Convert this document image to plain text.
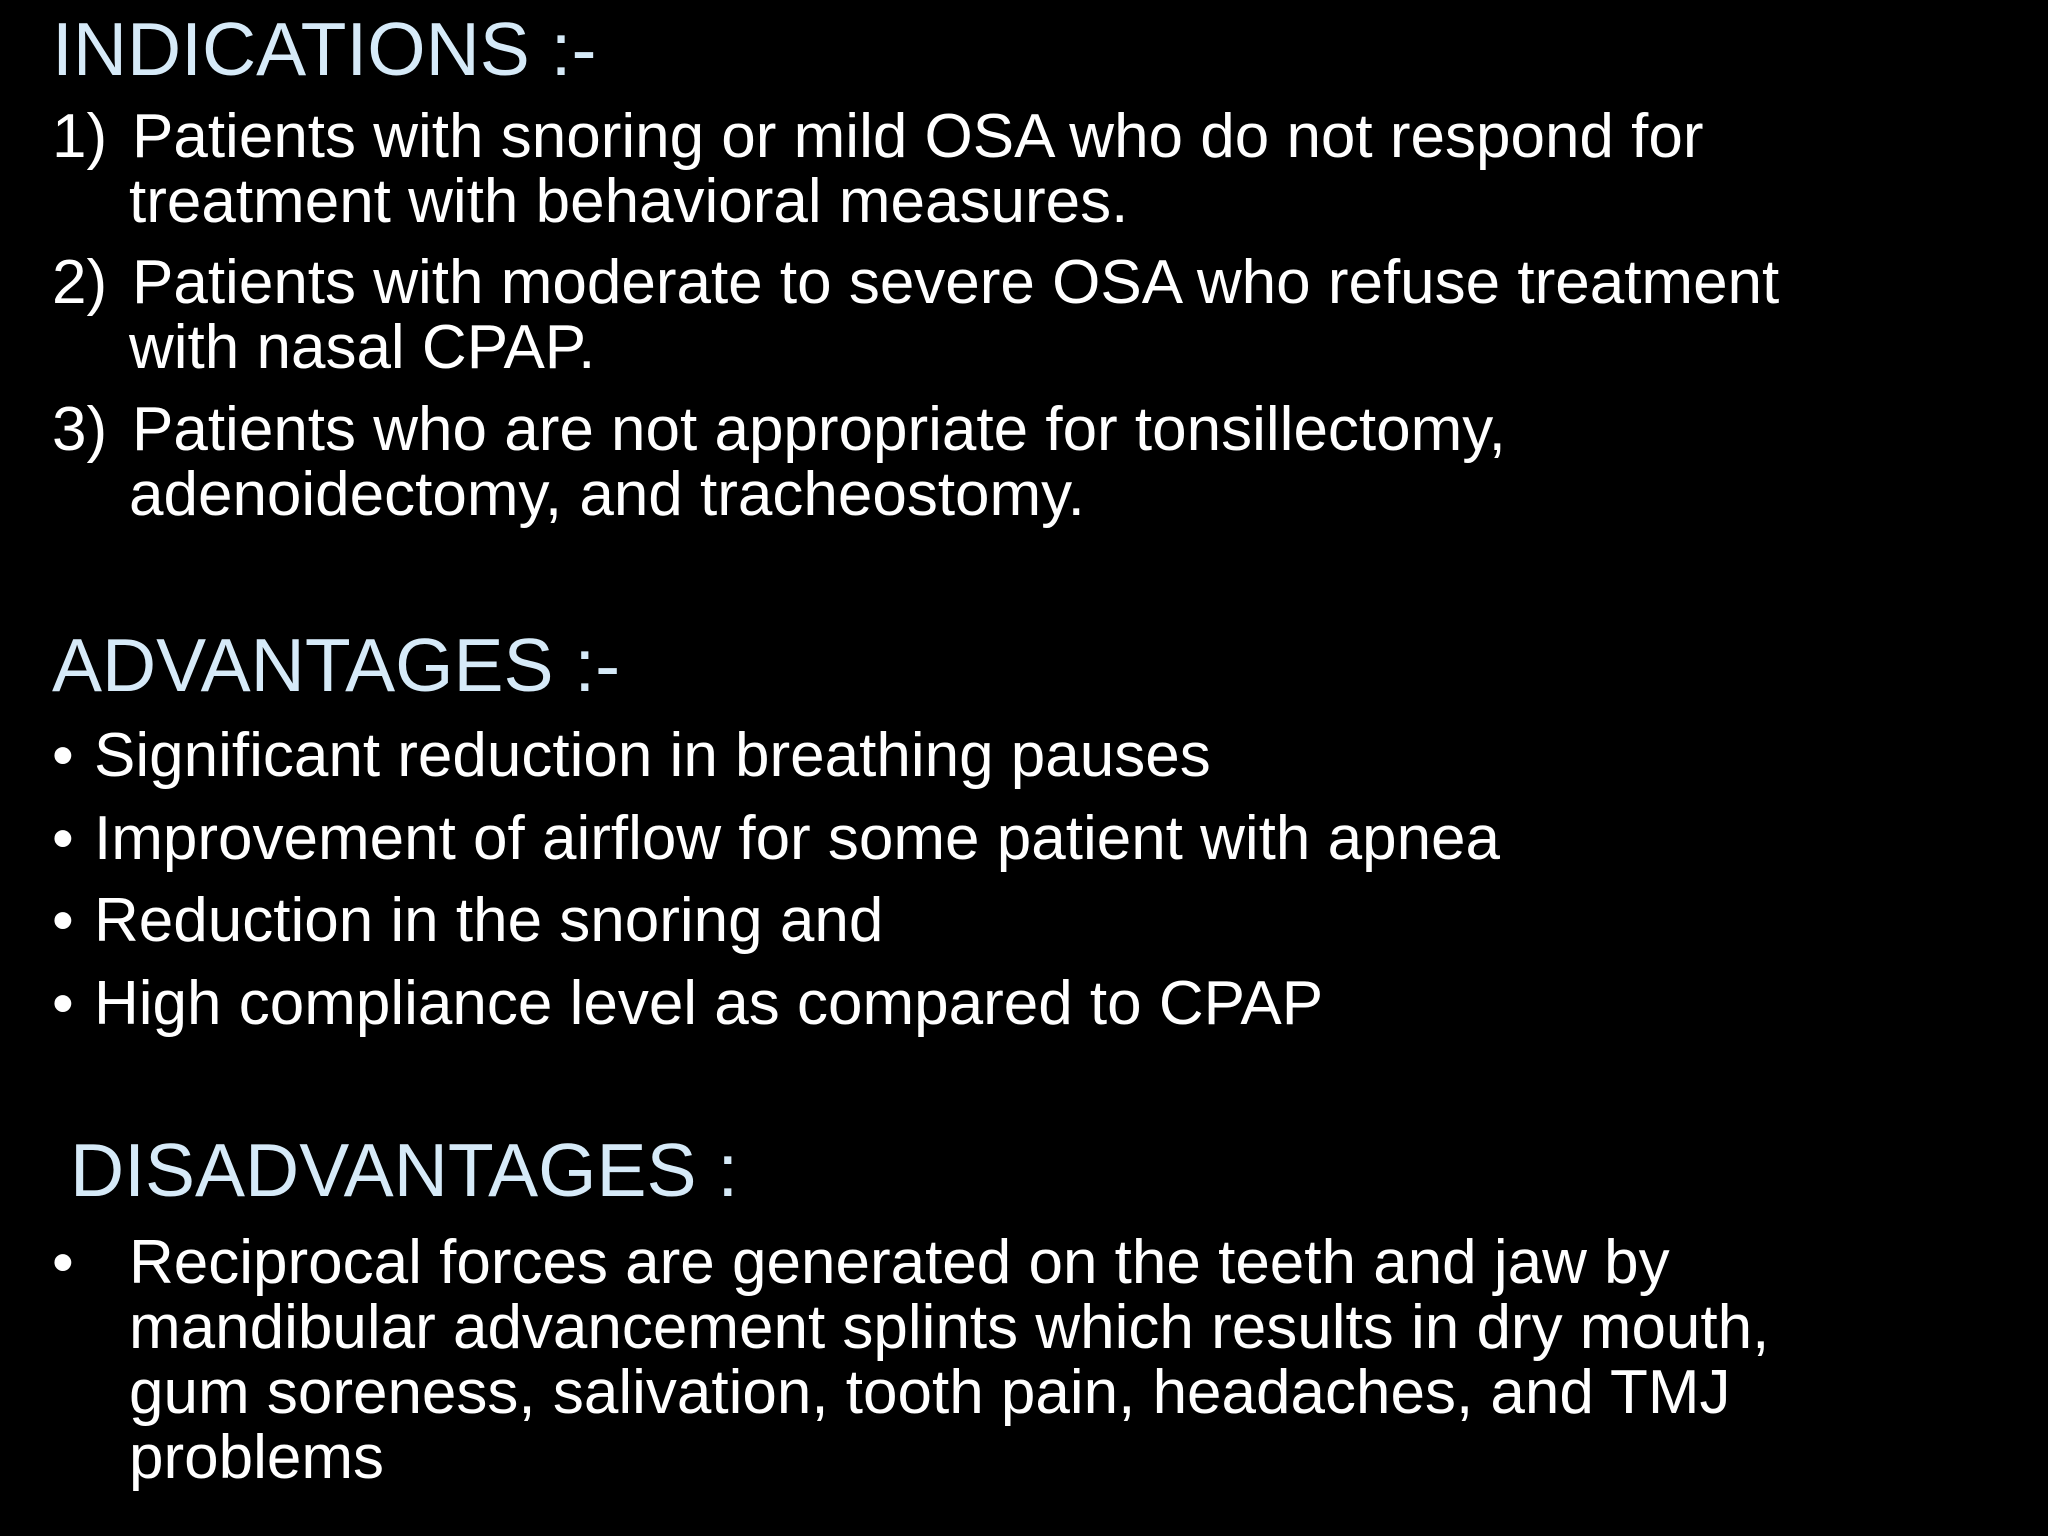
INDICATIONS :-
1) Patients with snoring or mild OSA who do not respond for
treatment with behavioral measures.
2) Patients with moderate to severe OSA who refuse treatment
with nasal CPAP.
3) Patients who are not appropriate for tonsillectomy,
adenoidectomy, and tracheostomy.
ADVANTAGES :-
• Significant reduction in breathing pauses
• Improvement of airflow for some patient with apnea
• Reduction in the snoring and
• High compliance level as compared to CPAP
DISADVANTAGES :
• Reciprocal forces are generated on the teeth and jaw by
mandibular advancement splints which results in dry mouth,
gum soreness, salivation, tooth pain, headaches, and TMJ
problems
